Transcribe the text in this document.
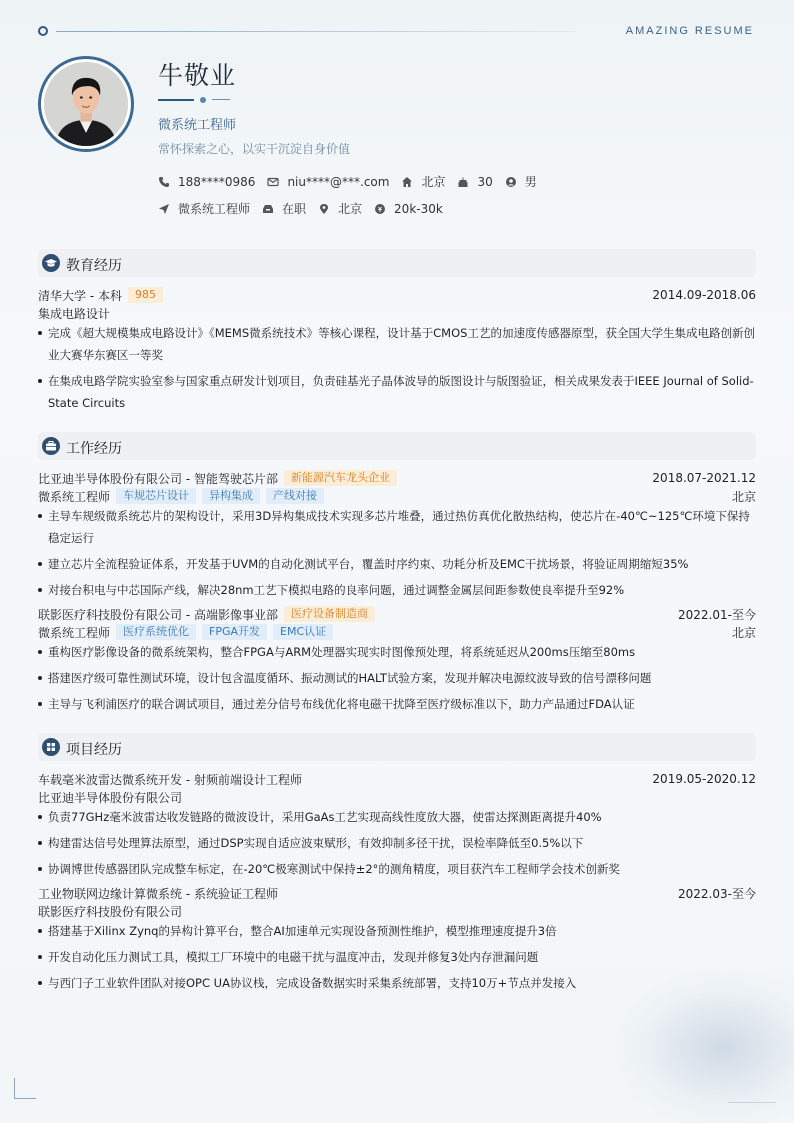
AMAZING RESUME
牛敬业
微系统工程师
常怀探索之心，以实干沉淀自身价值
188****0986	niu****@***.com	北京	30	男
微系统工程师	在职	北京	20k-30k
教育经历
清华大学 - 本科	985	2014.09-2018.06
集成电路设计
完成《超大规模集成电路设计》《MEMS微系统技术》等核心课程，设计基于CMOS工艺的加速度传感器原型，获全国大学生集成电路创新创业大赛华东赛区一等奖
在集成电路学院实验室参与国家重点研发计划项目，负责硅基光子晶体波导的版图设计与版图验证，相关成果发表于IEEE Journal of Solid-State Circuits
工作经历
比亚迪半导体股份有限公司 - 智能驾驶芯片部	新能源汽车龙头企业	2018.07-2021.12
微系统工程师	车规芯片设计	异构集成	产线对接	北京
主导车规级微系统芯片的架构设计，采用3D异构集成技术实现多芯片堆叠，通过热仿真优化散热结构，使芯片在-40℃~125℃环境下保持稳定运行
建立芯片全流程验证体系，开发基于UVM的自动化测试平台，覆盖时序约束、功耗分析及EMC干扰场景，将验证周期缩短35%
对接台积电与中芯国际产线，解决28nm工艺下模拟电路的良率问题，通过调整金属层间距参数使良率提升至92%
联影医疗科技股份有限公司 - 高端影像事业部	医疗设备制造商	2022.01-至今
微系统工程师	医疗系统优化	FPGA开发	EMC认证	北京
重构医疗影像设备的微系统架构，整合FPGA与ARM处理器实现实时图像预处理，将系统延迟从200ms压缩至80ms
搭建医疗级可靠性测试环境，设计包含温度循环、振动测试的HALT试验方案，发现并解决电源纹波导致的信号漂移问题
主导与飞利浦医疗的联合调试项目，通过差分信号布线优化将电磁干扰降至医疗级标准以下，助力产品通过FDA认证
项目经历
车载毫米波雷达微系统开发 - 射频前端设计工程师	2019.05-2020.12
比亚迪半导体股份有限公司
负责77GHz毫米波雷达收发链路的微波设计，采用GaAs工艺实现高线性度放大器，使雷达探测距离提升40%
构建雷达信号处理算法原型，通过DSP实现自适应波束赋形，有效抑制多径干扰，误检率降低至0.5%以下
协调博世传感器团队完成整车标定，在-20℃极寒测试中保持±2°的测角精度，项目获汽车工程师学会技术创新奖
工业物联网边缘计算微系统 - 系统验证工程师	2022.03-至今
联影医疗科技股份有限公司
搭建基于Xilinx Zynq的异构计算平台，整合AI加速单元实现设备预测性维护，模型推理速度提升3倍
开发自动化压力测试工具，模拟工厂环境中的电磁干扰与温度冲击，发现并修复3处内存泄漏问题
与西门子工业软件团队对接OPC UA协议栈，完成设备数据实时采集系统部署，支持10万+节点并发接入
